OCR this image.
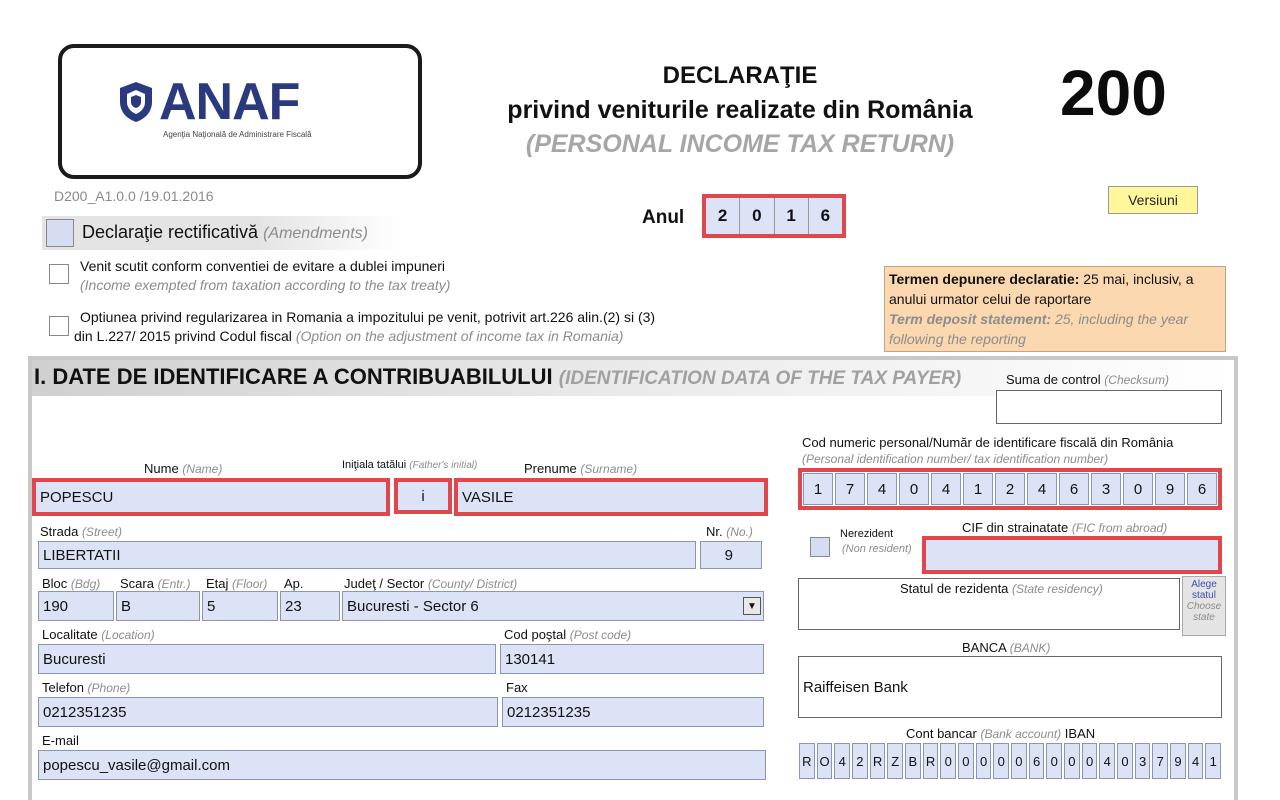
ANAF
Agenţia Naţională de Administrare Fiscală
DECLARAŢIE
privind veniturile realizate din România
(PERSONAL INCOME TAX RETURN)
200
D200_A1.0.0 /19.01.2016	Versiuni
Anul	2	0	1	6
Declaraţie rectificativă (Amendments)
Venit scutit conform conventiei de evitare a dublei impuneri
(Income exempted from taxation according to the tax treaty)
Optiunea privind regularizarea in Romania a impozitului pe venit, potrivit art.226 alin.(2) si (3)
din L.227/ 2015 privind Codul fiscal (Option on the adjustment of income tax in Romania)
Termen depunere declaratie: 25 mai, inclusiv, a anului urmator celui de raportare
Term deposit statement: 25, including the year following the reporting
I. DATE DE IDENTIFICARE A CONTRIBUABILULUI (IDENTIFICATION DATA OF THE TAX PAYER)	Suma de control (Checksum)
Cod numeric personal/Număr de identificare fiscală din România
(Personal identification number/ tax identification number)
1	7	4	0	4	1	2	4	6	3	0	9	6
Nume (Name)	Iniţiala tatălui (Father's initial)	Prenume (Surname)
POPESCU	i	VASILE
Strada (Street)	Nr. (No.)
LIBERTATII	9
Nerezident
(Non resident)
CIF din strainatate (FIC from abroad)
Bloc (Bdg) Scara (Entr.) Etaj (Floor) Ap.	Judeţ / Sector (County/ District)
190	B	5	23	Bucuresti - Sector 6	▼
Statul de rezidenta (State residency)	Alege statul
Choose state
Localitate (Location)	Cod poştal (Post code)
Bucuresti	130141
BANCA (BANK)
Raiffeisen Bank
Telefon (Phone)	Fax
0212351235	0212351235
Cont bancar (Bank account) IBAN
R O 4 2 R Z B R 0 0 0 0 0 6 0 0 0 4 0 3 7 9 4 1
E-mail
popescu_vasile@gmail.com
